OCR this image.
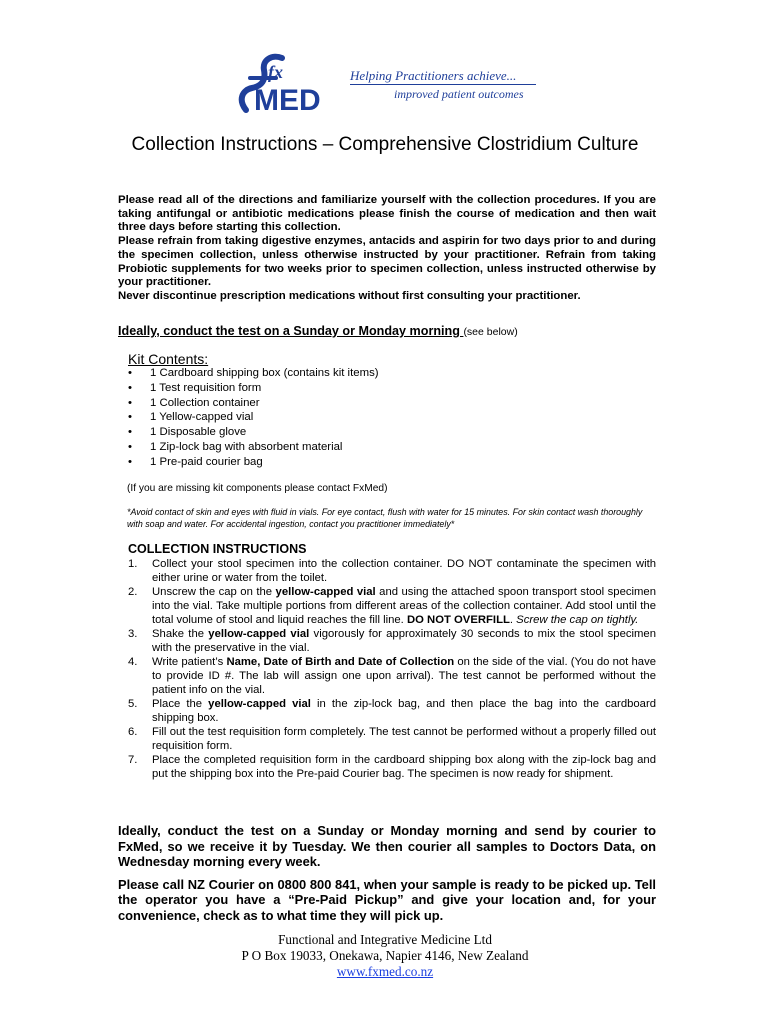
fx
MED
Helping Practitioners achieve...
improved patient outcomes
Collection Instructions – Comprehensive Clostridium Culture

Please read all of the directions and familiarize yourself with the collection procedures. If you are taking antifungal or antibiotic medications please finish the course of medication and then wait three days before starting this collection.

Please refrain from taking digestive enzymes, antacids and aspirin for two days prior to and during the specimen collection, unless otherwise instructed by your practitioner. Refrain from taking Probiotic supplements for two weeks prior to specimen collection, unless instructed otherwise by your practitioner.

Never discontinue prescription medications without first consulting your practitioner.

Ideally, conduct the test on a Sunday or Monday morning (see below)
Kit Contents:
• 1 Cardboard shipping box (contains kit items)
• 1 Test requisition form
• 1 Collection container
• 1 Yellow-capped vial
• 1 Disposable glove
• 1 Zip-lock bag with absorbent material
• 1 Pre-paid courier bag
(If you are missing kit components please contact FxMed)
*Avoid contact of skin and eyes with fluid in vials. For eye contact, flush with water for 15 minutes. For skin contact wash thoroughly with soap and water. For accidental ingestion, contact you practitioner immediately*
COLLECTION INSTRUCTIONS
1. Collect your stool specimen into the collection container. DO NOT contaminate the specimen with either urine or water from the toilet.
2. Unscrew the cap on the yellow-capped vial and using the attached spoon transport stool specimen into the vial. Take multiple portions from different areas of the collection container. Add stool until the total volume of stool and liquid reaches the fill line. DO NOT OVERFILL. Screw the cap on tightly.
3. Shake the yellow-capped vial vigorously for approximately 30 seconds to mix the stool specimen with the preservative in the vial.
4. Write patient’s Name, Date of Birth and Date of Collection on the side of the vial. (You do not have to provide ID #. The lab will assign one upon arrival). The test cannot be performed without the patient info on the vial.
5. Place the yellow-capped vial in the zip-lock bag, and then place the bag into the cardboard shipping box.
6. Fill out the test requisition form completely. The test cannot be performed without a properly filled out requisition form.
7. Place the completed requisition form in the cardboard shipping box along with the zip-lock bag and put the shipping box into the Pre-paid Courier bag. The specimen is now ready for shipment.

Ideally, conduct the test on a Sunday or Monday morning and send by courier to FxMed, so we receive it by Tuesday. We then courier all samples to Doctors Data, on Wednesday morning every week.

Please call NZ Courier on 0800 800 841, when your sample is ready to be picked up. Tell the operator you have a “Pre-Paid Pickup” and give your location and, for your convenience, check as to what time they will pick up.

Functional and Integrative Medicine Ltd
P O Box 19033, Onekawa, Napier 4146, New Zealand
www.fxmed.co.nz
